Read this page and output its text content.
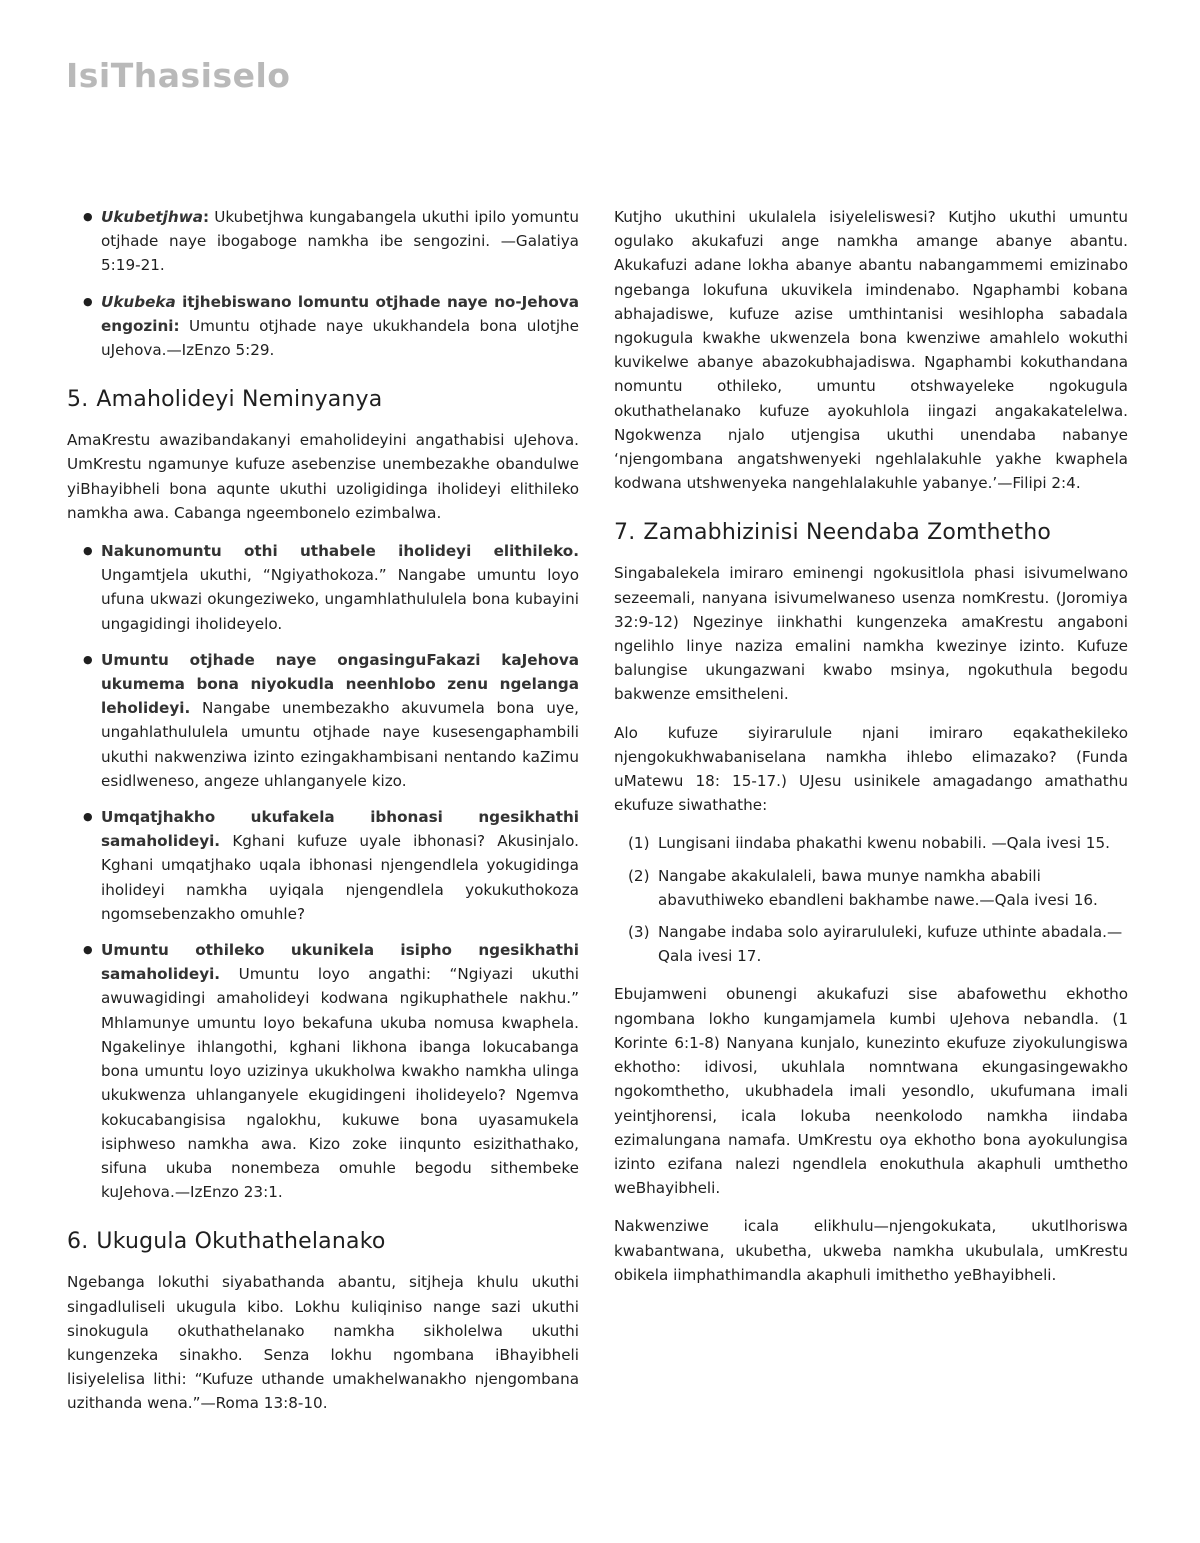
IsiThasiselo
● Ukubetjhwa: Ukubetjhwa kungabangela ukuthi ipilo yomuntu otjhade naye ibogaboge namkha ibe sengozini. —Galatiya 5:19-21.
● Ukubeka itjhebiswano lomuntu otjhade naye no-Jehova engozini: Umuntu otjhade naye ukukhandela bona ulotjhe uJehova.—IzEnzo 5:29.
5. Amaholideyi Neminyanya

AmaKrestu awazibandakanyi emaholideyini angathabisi uJehova. UmKrestu ngamunye kufuze asebenzise unembezakhe obandulwe yiBhayibheli bona aqunte ukuthi uzoligidinga iholideyi elithileko namkha awa. Cabanga ngeembonelo ezimbalwa.

● Nakunomuntu othi uthabele iholideyi elithileko. Ungamtjela ukuthi, “Ngiyathokoza.” Nangabe umuntu loyo ufuna ukwazi okungeziweko, ungamhlathululela bona kubayini ungagidingi iholideyelo.
● Umuntu otjhade naye ongasinguFakazi kaJehova ukumema bona niyokudla neenhlobo zenu ngelanga leholideyi. Nangabe unembezakho akuvumela bona uye, ungahlathululela umuntu otjhade naye kusesengaphambili ukuthi nakwenziwa izinto ezingakhambisani nentando kaZimu esidlweneso, angeze uhlanganyele kizo.
● Umqatjhakho ukufakela ibhonasi ngesikhathi samaholideyi. Kghani kufuze uyale ibhonasi? Akusinjalo. Kghani umqatjhako uqala ibhonasi njengendlela yokugidinga iholideyi namkha uyiqala njengendlela yokukuthokoza ngomsebenzakho omuhle?
● Umuntu othileko ukunikela isipho ngesikhathi samaholideyi. Umuntu loyo angathi: “Ngiyazi ukuthi awuwagidingi amaholideyi kodwana ngikuphathele nakhu.” Mhlamunye umuntu loyo bekafuna ukuba nomusa kwaphela. Ngakelinye ihlangothi, kghani likhona ibanga lokucabanga bona umuntu loyo uzizinya ukukholwa kwakho namkha ulinga ukukwenza uhlanganyele ekugidingeni iholideyelo? Ngemva kokucabangisisa ngalokhu, kukuwe bona uyasamukela isiphweso namkha awa. Kizo zoke iinqunto esizithathako, sifuna ukuba nonembeza omuhle begodu sithembeke kuJehova.—IzEnzo 23:1.
6. Ukugula Okuthathelanako

Ngebanga lokuthi siyabathanda abantu, sitjheja khulu ukuthi singadluliseli ukugula kibo. Lokhu kuliqiniso nange sazi ukuthi sinokugula okuthathelanako namkha sikholelwa ukuthi kungenzeka sinakho. Senza lokhu ngombana iBhayibheli lisiyelelisa lithi: “Kufuze uthande umakhelwanakho njengombana uzithanda wena.”—Roma 13:8-10.

Kutjho ukuthini ukulalela isiyeleliswesi? Kutjho ukuthi umuntu ogulako akukafuzi ange namkha amange abanye abantu. Akukafuzi adane lokha abanye abantu nabangammemi emizinabo ngebanga lokufuna ukuvikela imindenabo. Ngaphambi kobana abhajadiswe, kufuze azise umthintanisi wesihlopha sabadala ngokugula kwakhe ukwenzela bona kwenziwe amahlelo wokuthi kuvikelwe abanye abazokubhajadiswa. Ngaphambi kokuthandana nomuntu othileko, umuntu otshwayeleke ngokugula okuthathelanako kufuze ayokuhlola iingazi angakakatelelwa. Ngokwenza njalo utjengisa ukuthi unendaba nabanye ‘njengombana angatshwenyeki ngehlalakuhle yakhe kwaphela kodwana utshwenyeka nangehlalakuhle yabanye.’—Filipi 2:4.

7. Zamabhizinisi Neendaba Zomthetho

Singabalekela imiraro eminengi ngokusitlola phasi isivumelwano sezeemali, nanyana isivumelwaneso usenza nomKrestu. (Joromiya 32:9-12) Ngezinye iinkhathi kungenzeka amaKrestu angaboni ngelihlo linye naziza emalini namkha kwezinye izinto. Kufuze balungise ukungazwani kwabo msinya, ngokuthula begodu bakwenze emsitheleni.

Alo kufuze siyirarulule njani imiraro eqakathekileko njengokukhwabaniselana namkha ihlebo elimazako? (Funda uMatewu 18: 15-17.) UJesu usinikele amagadango amathathu ekufuze siwathathe:

(1) Lungisani iindaba phakathi kwenu nobabili. —Qala ivesi 15.
(2) Nangabe akakulaleli, bawa munye namkha ababili abavuthiweko ebandleni bakhambe nawe.—Qala ivesi 16.
(3) Nangabe indaba solo ayirarululeki, kufuze uthinte abadala.—Qala ivesi 17.

Ebujamweni obunengi akukafuzi sise abafowethu ekhotho ngombana lokho kungamjamela kumbi uJehova nebandla. (1 Korinte 6:1-8) Nanyana kunjalo, kunezinto ekufuze ziyokulungiswa ekhotho: idivosi, ukuhlala nomntwana ekungasingewakho ngokomthetho, ukubhadela imali yesondlo, ukufumana imali yeintjhorensi, icala lokuba neenkolodo namkha iindaba ezimalungana namafa. UmKrestu oya ekhotho bona ayokulungisa izinto ezifana nalezi ngendlela enokuthula akaphuli umthetho weBhayibheli.

Nakwenziwe icala elikhulu—njengokukata, ukutlhoriswa kwabantwana, ukubetha, ukweba namkha ukubulala, umKrestu obikela iimphathimandla akaphuli imithetho yeBhayibheli.
